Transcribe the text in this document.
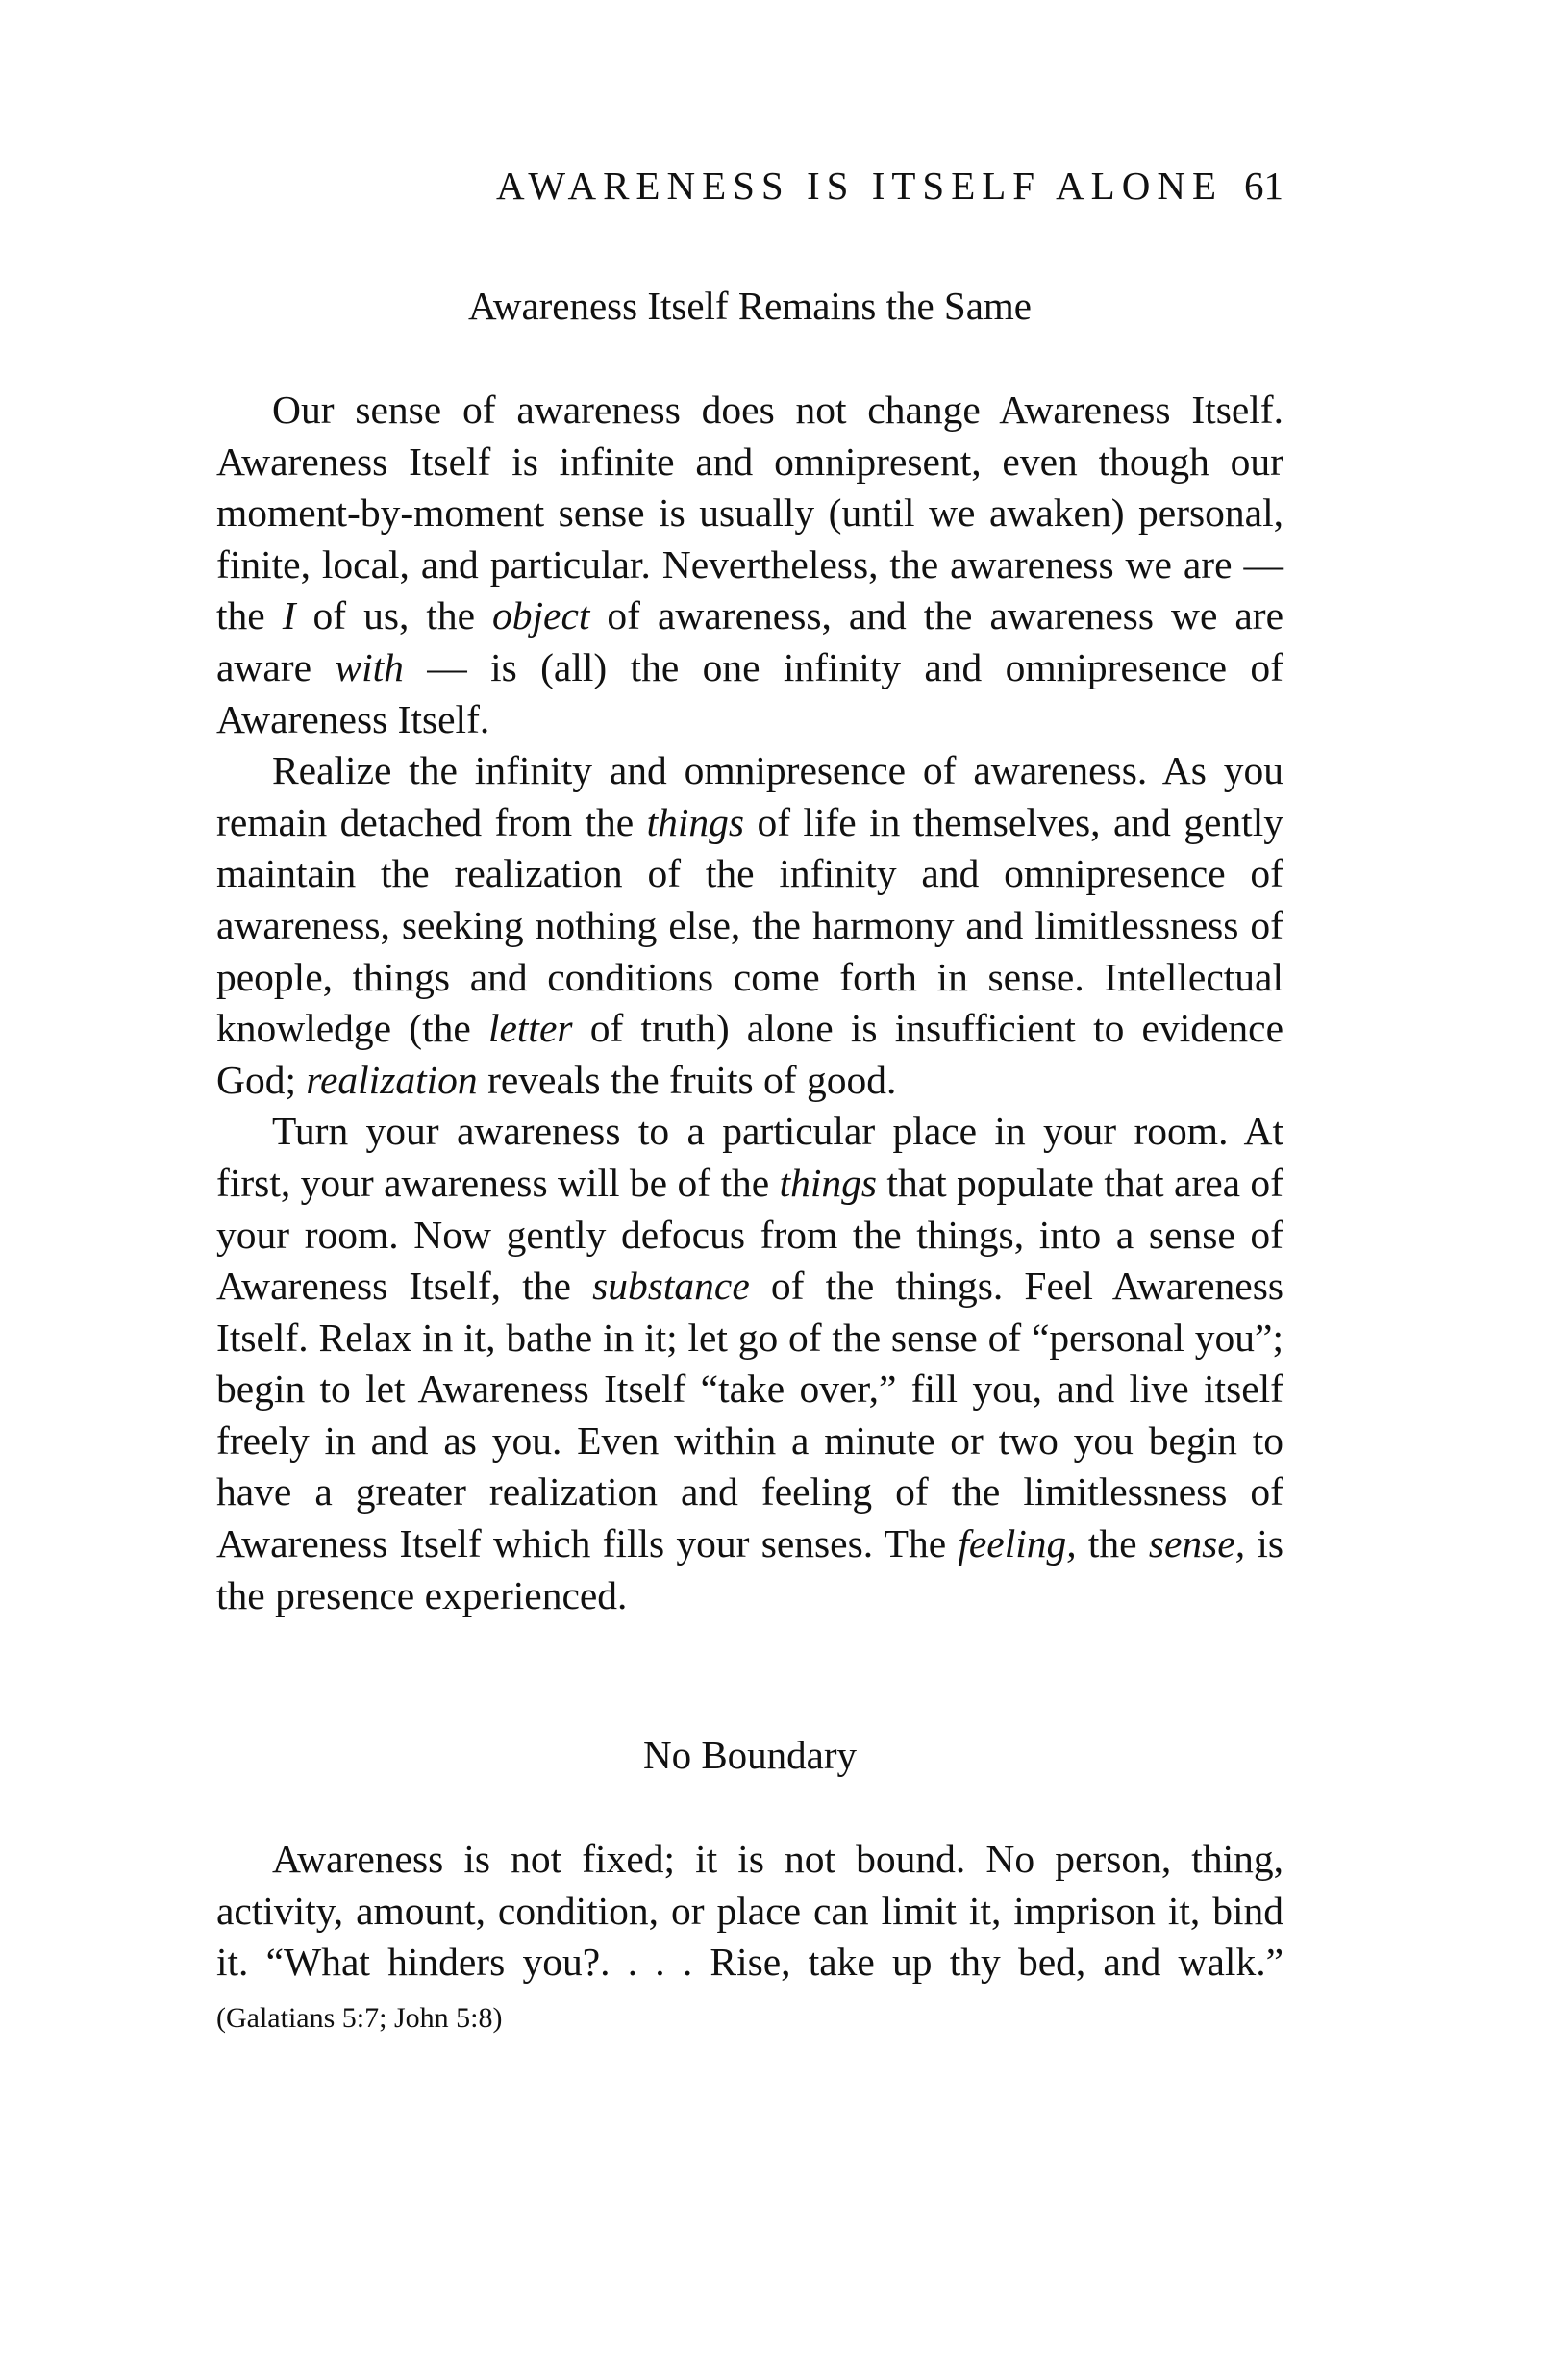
AWARENESS IS ITSELF ALONE 61
Awareness Itself Remains the Same

Our sense of awareness does not change Awareness Itself. Awareness Itself is infinite and omnipresent, even though our moment-by-moment sense is usually (until we awaken) personal, finite, local, and particular. Nevertheless, the awareness we are — the I of us, the object of awareness, and the awareness we are aware with — is (all) the one infinity and omnipresence of Awareness Itself.

Realize the infinity and omnipresence of awareness. As you remain detached from the things of life in themselves, and gently maintain the realization of the infinity and omnipresence of awareness, seeking nothing else, the harmony and limitlessness of people, things and conditions come forth in sense. Intellectual knowledge (the letter of truth) alone is insufficient to evidence God; realization reveals the fruits of good.

Turn your awareness to a particular place in your room. At first, your awareness will be of the things that populate that area of your room. Now gently defocus from the things, into a sense of Awareness Itself, the substance of the things. Feel Awareness Itself. Relax in it, bathe in it; let go of the sense of “personal you”; begin to let Awareness Itself “take over,” fill you, and live itself freely in and as you. Even within a minute or two you begin to have a greater realization and feeling of the limitlessness of Awareness Itself which fills your senses. The feeling, the sense, is the presence experienced.

No Boundary

Awareness is not fixed; it is not bound. No person, thing, activity, amount, condition, or place can limit it, imprison it, bind it. “What hinders you?. . . . Rise, take up thy bed, and walk.” (Galatians 5:7; John 5:8)
